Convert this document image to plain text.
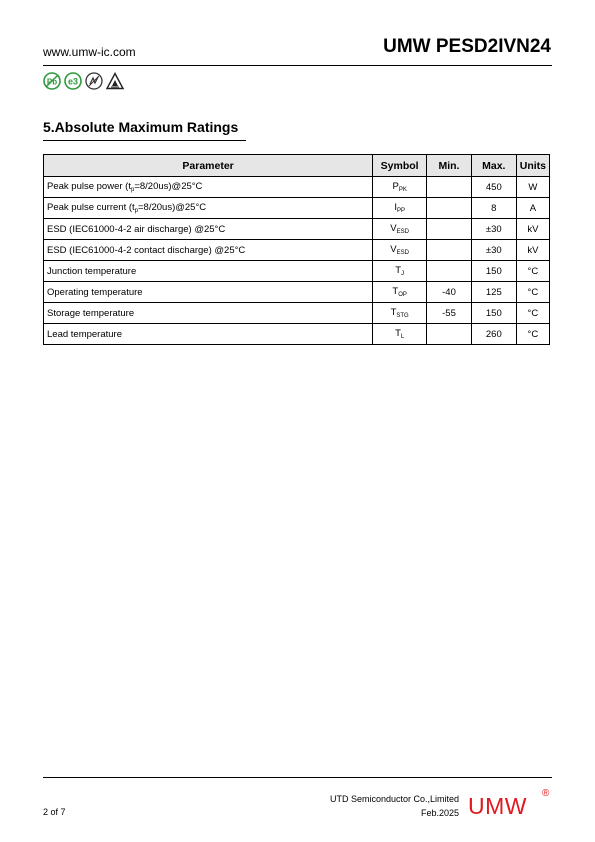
www.umw-ic.com	UMW PESD2IVN24
Pb e3
5.Absolute Maximum Ratings
Parameter	Symbol	Min.	Max.	Units
Peak pulse power $(t_p=8/20us)@25^\circ C$	$P_{PK}$		450	W
Peak pulse current $(t_p=8/20us)@25^\circ C$	$I_{PP}$		8	A
ESD (IEC61000-4-2 air discharge) @25°C	$V_{ESD}$		±30	kV
ESD (IEC61000-4-2 contact discharge) @25°C	$V_{ESD}$		±30	kV
Junction temperature	$T_J$		150	°C
Operating temperature	$T_{OP}$	-40	125	°C
Storage temperature	$T_{STG}$	-55	150	°C
Lead temperature	$T_L$		260	°C
2 of 7
UTD Semiconductor Co.,Limited
Feb.2025 UMW ®
